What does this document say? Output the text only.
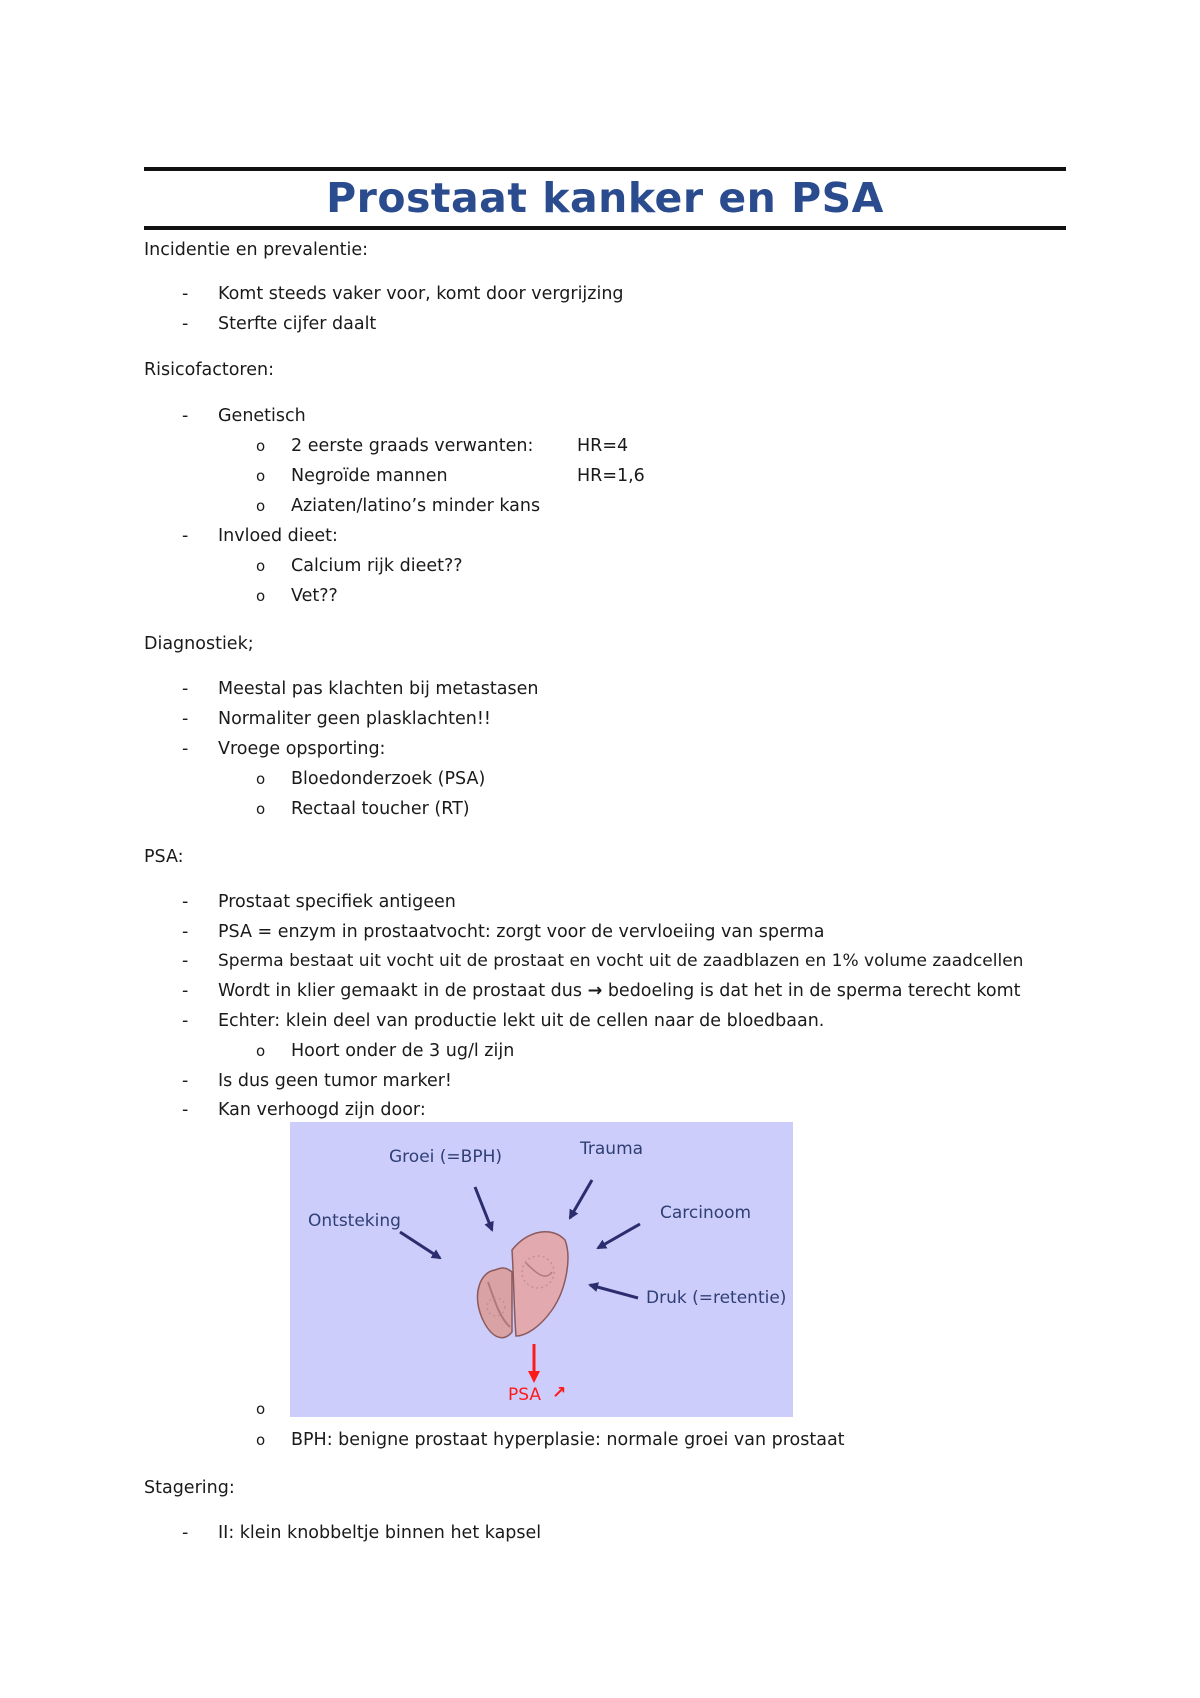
Prostaat kanker en PSA
Incidentie en prevalentie:
- Komt steeds vaker voor, komt door vergrijzing
- Sterfte cijfer daalt
Risicofactoren:
- Genetisch
o 2 eerste graads verwanten: HR=4
o Negroïde mannen	HR=1,6
o Aziaten/latino’s minder kans
- Invloed dieet:
o Calcium rijk dieet??
o Vet??
Diagnostiek;
- Meestal pas klachten bij metastasen
- Normaliter geen plasklachten!!
- Vroege opsporting:
o Bloedonderzoek (PSA)
o Rectaal toucher (RT)
PSA:
- Prostaat specifiek antigeen
- PSA = enzym in prostaatvocht: zorgt voor de vervloeiing van sperma
- Sperma bestaat uit vocht uit de prostaat en vocht uit de zaadblazen en 1% volume zaadcellen
- Wordt in klier gemaakt in de prostaat dus → bedoeling is dat het in de sperma terecht komt
- Echter: klein deel van productie lekt uit de cellen naar de bloedbaan.
o Hoort onder de 3 ug/l zijn
- Is dus geen tumor marker!
- Kan verhoogd zijn door:
Groei (=BPH)	Trauma
Ontsteking	Carcinoom
Druk (=retentie)
PSA ↗
o
o BPH: benigne prostaat hyperplasie: normale groei van prostaat
Stagering:
- II: klein knobbeltje binnen het kapsel
